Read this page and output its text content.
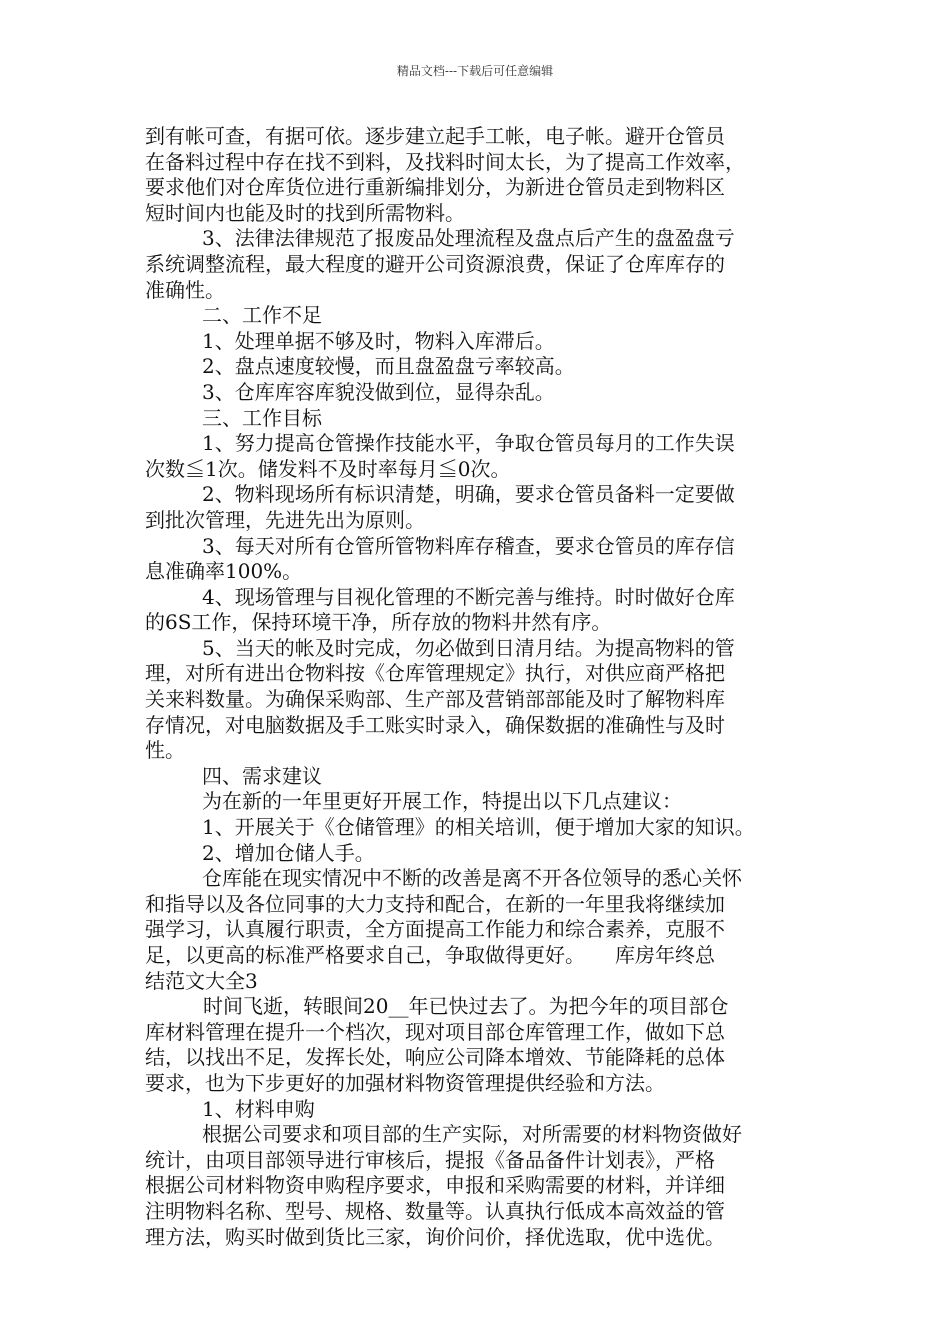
精品文档---下载后可任意编辑
到有帐可查，有据可依。逐步建立起手工帐，电子帐。避开仓管员
在备料过程中存在找不到料，及找料时间太长，为了提高工作效率，
要求他们对仓库货位进行重新编排划分，为新进仓管员走到物料区
短时间内也能及时的找到所需物料。
3、法律法律规范了报废品处理流程及盘点后产生的盘盈盘亏
系统调整流程，最大程度的避开公司资源浪费，保证了仓库库存的
准确性。
二、工作不足
1、处理单据不够及时，物料入库滞后。
2、盘点速度较慢，而且盘盈盘亏率较高。
3、仓库库容库貌没做到位，显得杂乱。
三、工作目标
1、努力提高仓管操作技能水平，争取仓管员每月的工作失误
次数≦1次。储发料不及时率每月≦0次。
2、物料现场所有标识清楚，明确，要求仓管员备料一定要做
到批次管理，先进先出为原则。
3、每天对所有仓管所管物料库存稽查，要求仓管员的库存信
息准确率100%。
4、现场管理与目视化管理的不断完善与维持。时时做好仓库
的6S工作，保持环境干净，所存放的物料井然有序。
5、当天的帐及时完成，勿必做到日清月结。为提高物料的管
理，对所有进出仓物料按《仓库管理规定》执行，对供应商严格把
关来料数量。为确保采购部、生产部及营销部部能及时了解物料库
存情况，对电脑数据及手工账实时录入，确保数据的准确性与及时
性。
四、需求建议
为在新的一年里更好开展工作，特提出以下几点建议：
1、开展关于《仓储管理》的相关培训，便于增加大家的知识。
2、增加仓储人手。
仓库能在现实情况中不断的改善是离不开各位领导的悉心关怀
和指导以及各位同事的大力支持和配合，在新的一年里我将继续加
强学习，认真履行职责，全方面提高工作能力和综合素养，克服不
足，以更高的标准严格要求自己，争取做得更好。　　库房年终总
结范文大全3
时间飞逝，转眼间20__年已快过去了。为把今年的项目部仓
库材料管理在提升一个档次，现对项目部仓库管理工作，做如下总
结，以找出不足，发挥长处，响应公司降本增效、节能降耗的总体
要求，也为下步更好的加强材料物资管理提供经验和方法。
1、材料申购
根据公司要求和项目部的生产实际，对所需要的材料物资做好
统计，由项目部领导进行审核后，提报《备品备件计划表》，严格
根据公司材料物资申购程序要求，申报和采购需要的材料，并详细
注明物料名称、型号、规格、数量等。认真执行低成本高效益的管
理方法，购买时做到货比三家，询价问价，择优选取，优中选优。
